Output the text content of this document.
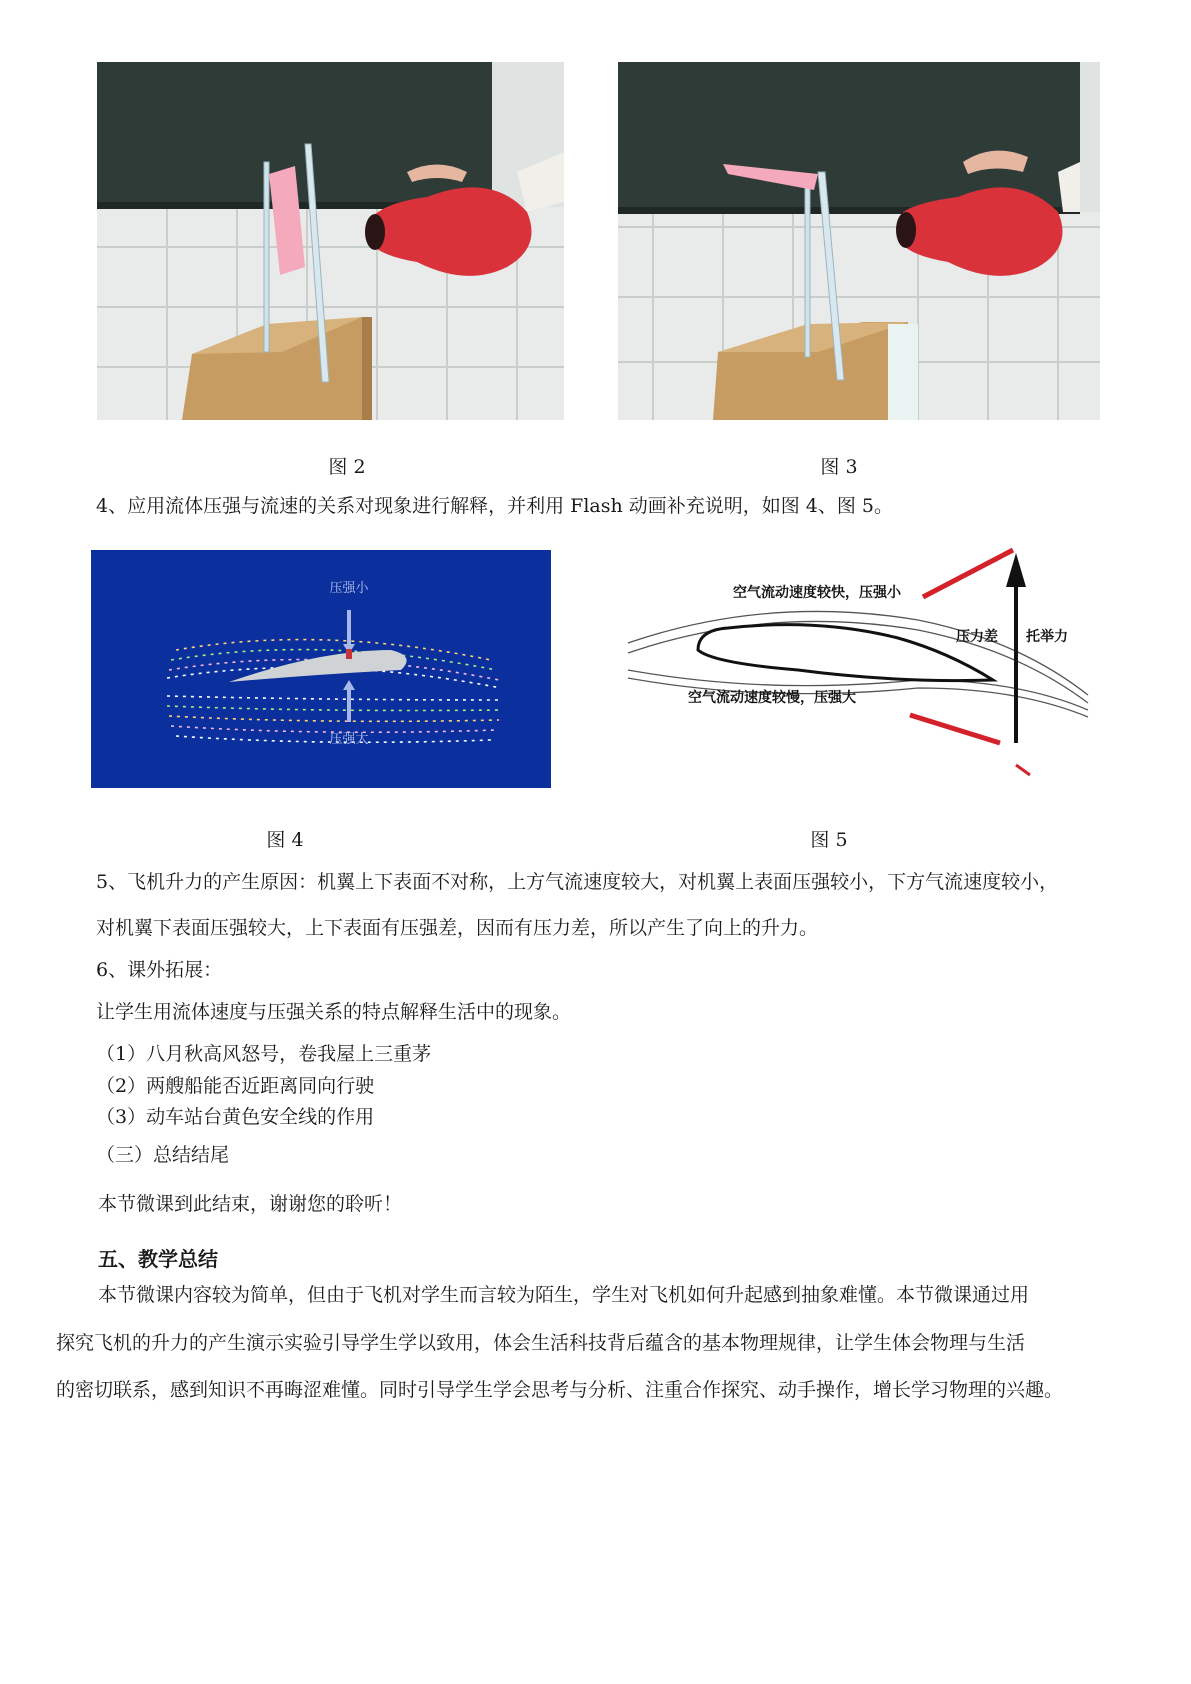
图 2	图 3
4、应用流体压强与流速的关系对现象进行解释，并利用 Flash 动画补充说明，如图 4、图 5。
压强小
压强大
空气流动速度较快，压强小
空气流动速度较慢，压强大
压力差 托举力
图 4	图 5
5、飞机升力的产生原因：机翼上下表面不对称，上方气流速度较大，对机翼上表面压强较小，下方气流速度较小，
对机翼下表面压强较大，上下表面有压强差，因而有压力差，所以产生了向上的升力。
6、课外拓展：
让学生用流体速度与压强关系的特点解释生活中的现象。
（1）八月秋高风怒号，卷我屋上三重茅
（2）两艘船能否近距离同向行驶
（3）动车站台黄色安全线的作用
（三）总结结尾
本节微课到此结束，谢谢您的聆听！
五、教学总结
本节微课内容较为简单，但由于飞机对学生而言较为陌生，学生对飞机如何升起感到抽象难懂。本节微课通过用
探究飞机的升力的产生演示实验引导学生学以致用，体会生活科技背后蕴含的基本物理规律，让学生体会物理与生活
的密切联系，感到知识不再晦涩难懂。同时引导学生学会思考与分析、注重合作探究、动手操作，增长学习物理的兴趣。
